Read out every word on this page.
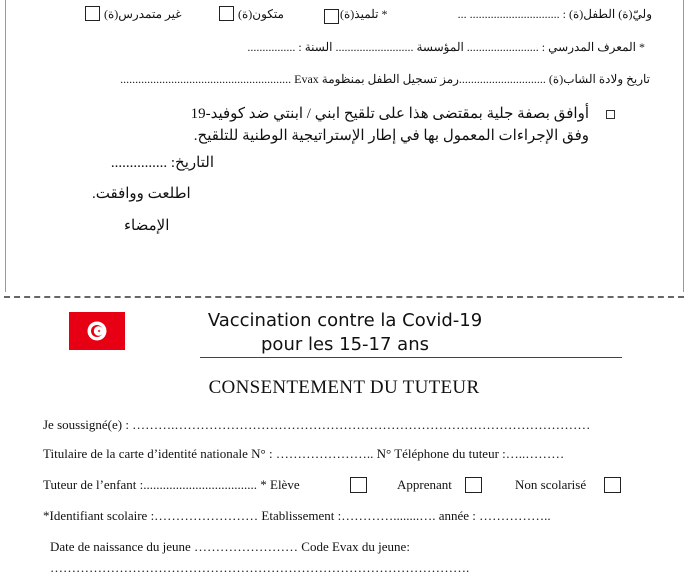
وليّ(ة) الطفل(ة) : .............................. ...
* تلميذ(ة)
متكون(ة)
غير متمدرس(ة)
* المعرف المدرسي : ........................ المؤسسة .......................... السنة : ................
تاريخ ولادة الشاب(ة) .............................رمز تسجيل الطفل بمنظومة Evax .........................................................
أوافق بصفة جلية بمقتضى هذا على تلقيح ابني / ابنتي ضد كوفيد-19
وفق الإجراءات المعمول بها في إطار الإستراتيجية الوطنية للتلقيح.
التاريخ: ...............
اطلعت ووافقت.
الإمضاء
Vaccination contre la Covid-19
pour les 15-17 ans
CONSENTEMENT DU TUTEUR
Je soussigné(e) : ……….……………………………………………………………………………………
Titulaire de la carte d’identité nationale N° : ………………….. N° Téléphone du tuteur :…..………
Tuteur de l’enfant :................................... * Elève	Apprenant	Non scolarisé
*Identifiant scolaire :…………………… Etablissement :…………........…. année : ……………..
Date de naissance du jeune …………………… Code Evax du jeune:
…………………………………………………………………………………….
